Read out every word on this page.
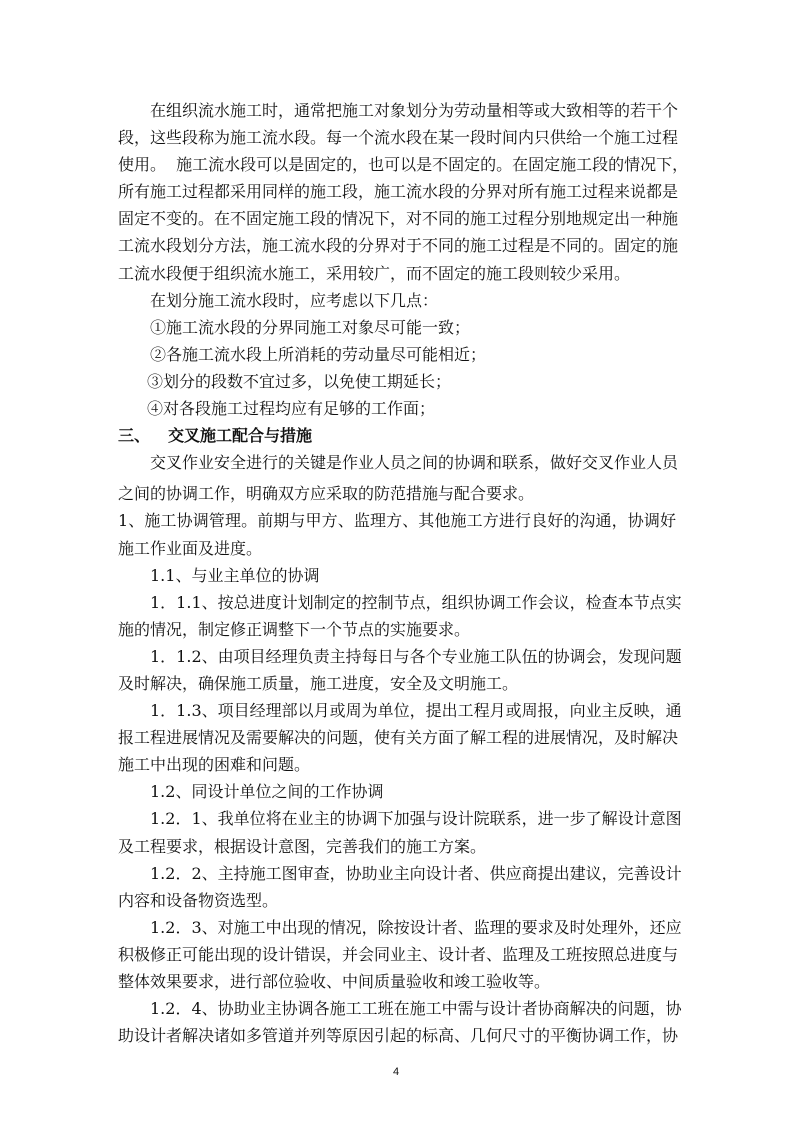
在组织流水施工时，通常把施工对象划分为劳动量相等或大致相等的若干个
段，这些段称为施工流水段。每一个流水段在某一段时间内只供给一个施工过程
使用。  施工流水段可以是固定的，也可以是不固定的。在固定施工段的情况下，
所有施工过程都采用同样的施工段，施工流水段的分界对所有施工过程来说都是
固定不变的。在不固定施工段的情况下，对不同的施工过程分别地规定出一种施
工流水段划分方法，施工流水段的分界对于不同的施工过程是不同的。固定的施
工流水段便于组织流水施工，采用较广，而不固定的施工段则较少采用。
在划分施工流水段时，应考虑以下几点：
①施工流水段的分界同施工对象尽可能一致；
②各施工流水段上所消耗的劳动量尽可能相近；
③划分的段数不宜过多，以免使工期延长；
④对各段施工过程均应有足够的工作面；
三、 交叉施工配合与措施
交叉作业安全进行的关键是作业人员之间的协调和联系，做好交叉作业人员
之间的协调工作，明确双方应采取的防范措施与配合要求。
1、施工协调管理。前期与甲方、监理方、其他施工方进行良好的沟通，协调好
施工作业面及进度。
1.1、与业主单位的协调
1．1.1、按总进度计划制定的控制节点，组织协调工作会议，检查本节点实
施的情况，制定修正调整下一个节点的实施要求。
1．1.2、由项目经理负责主持每日与各个专业施工队伍的协调会，发现问题
及时解决，确保施工质量，施工进度，安全及文明施工。
1．1.3、项目经理部以月或周为单位，提出工程月或周报，向业主反映，通
报工程进展情况及需要解决的问题，使有关方面了解工程的进展情况，及时解决
施工中出现的困难和问题。
1.2、同设计单位之间的工作协调
1.2．1、我单位将在业主的协调下加强与设计院联系，进一步了解设计意图
及工程要求，根据设计意图，完善我们的施工方案。
1.2．2、主持施工图审查，协助业主向设计者、供应商提出建议，完善设计
内容和设备物资选型。
1.2．3、对施工中出现的情况，除按设计者、监理的要求及时处理外，还应
积极修正可能出现的设计错误，并会同业主、设计者、监理及工班按照总进度与
整体效果要求，进行部位验收、中间质量验收和竣工验收等。
1.2．4、协助业主协调各施工工班在施工中需与设计者协商解决的问题，协
助设计者解决诸如多管道并列等原因引起的标高、几何尺寸的平衡协调工作，协
4
